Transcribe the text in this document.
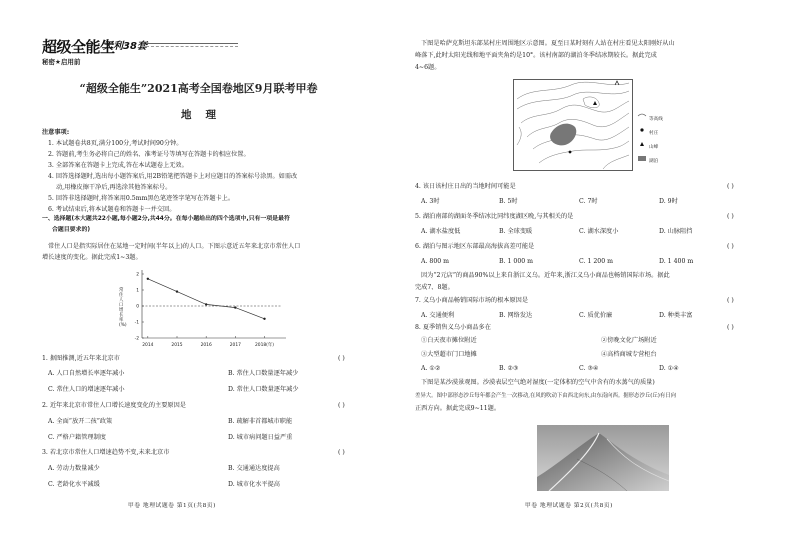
超级全能生
天利38套
秘密★启用前
“超级全能生”2021高考全国卷地区9月联考甲卷
地理
注意事项:
1. 本试题卷共8页,满分100分,考试时间90分钟。
2. 答题前,考生务必将自己的姓名、准考证号等填写在答题卡的相应位置。
3. 全部答案在答题卡上完成,答在本试题卷上无效。
4. 回答选择题时,选出每小题答案后,用2B铅笔把答题卡上对应题目的答案标号涂黑。如需改
动,用橡皮擦干净后,再选涂其他答案标号。
5. 回答非选择题时,将答案用0.5mm黑色笔迹签字笔写在答题卡上。
6. 考试结束后,将本试题卷和答题卡一并交回。
一、选择题(本大题共22小题,每小题2分,共44分。在每小题给出的四个选项中,只有一项是最符
合题目要求的)
常住人口是指实际居住在某地一定时间(半年以上)的人口。下图示意近五年来北京市常住人口
增长速度的变化。据此完成1~3题。
-2
-1
0
1
2
2014	2015	2016	2017	2018(年)
常住人口增长率(%)
1. 据图推测,近五年来北京市	( )
A. 人口自然增长率逐年减小	B. 常住人口数量逐年减少
C. 常住人口的增速逐年减小	D. 常住人口数量逐年减少
2. 近年来北京市常住人口增长速度变化的主要原因是	( )
A. 全面“放开二孩”政策	B. 疏解非首都城市职能
C. 严格户籍管理制度	D. 城市病问题日益严重
3. 若北京市常住人口增速趋势不变,未来北京市	( )
A. 劳动力数量减少	B. 交通通达度提高
C. 老龄化水平减缓	D. 城市化水平提高
甲卷 地理试题卷 第1页(共8页)
下图是哈萨克斯坦东部某村庄周围地区示意图。夏至日某时刻有人站在村庄看见太阳刚好从山
峰落下,此时太阳光线和地平面夹角约是10°。该村南部的湖泊冬季结冰期较长。据此完成
4~6题。
等高线
村庄
山峰
湖泊
4. 该日该村庄日出的当地时间可能是	( )
A. 3时	B. 5时	C. 7时	D. 9时
5. 湖泊南部的湖面冬季结冰比同纬度湖区晚,与其相关的是	( )
A. 湖水盐度低	B. 全球变暖	C. 湖水深度小	D. 山脉阻挡
6. 湖泊与图示地区东部最高海拔高差可能是	( )
A. 800 m	B. 1 000 m	C. 1 200 m	D. 1 400 m
因为“2元店”的商品90%以上来自浙江义乌。近年来,浙江义乌小商品也畅销国际市场。据此
完成7、8题。
7. 义乌小商品畅销国际市场的根本原因是	( )
A. 交通便利	B. 网络发达	C. 质优价廉	D. 种类丰富
8. 夏季销售义乌小商品多在	( )
①白天夜市摊位附近	②傍晚文化广场附近
③大型超市门口地摊	④高档商城专营柜台
A. ①②	B. ②③	C. ③④	D. ①④
下图是某沙漠景观图。沙漠表层空气绝对湿度(一定体积的空气中含有的水蒸气的质量)
差异大。图中部形态沙丘每年都会产生一次移动,在风的吹动下由西北向东,由东南向西。据形态沙丘(丘)有日向
正西方向。据此完成9~11题。
甲卷 地理试题卷 第2页(共8页)
